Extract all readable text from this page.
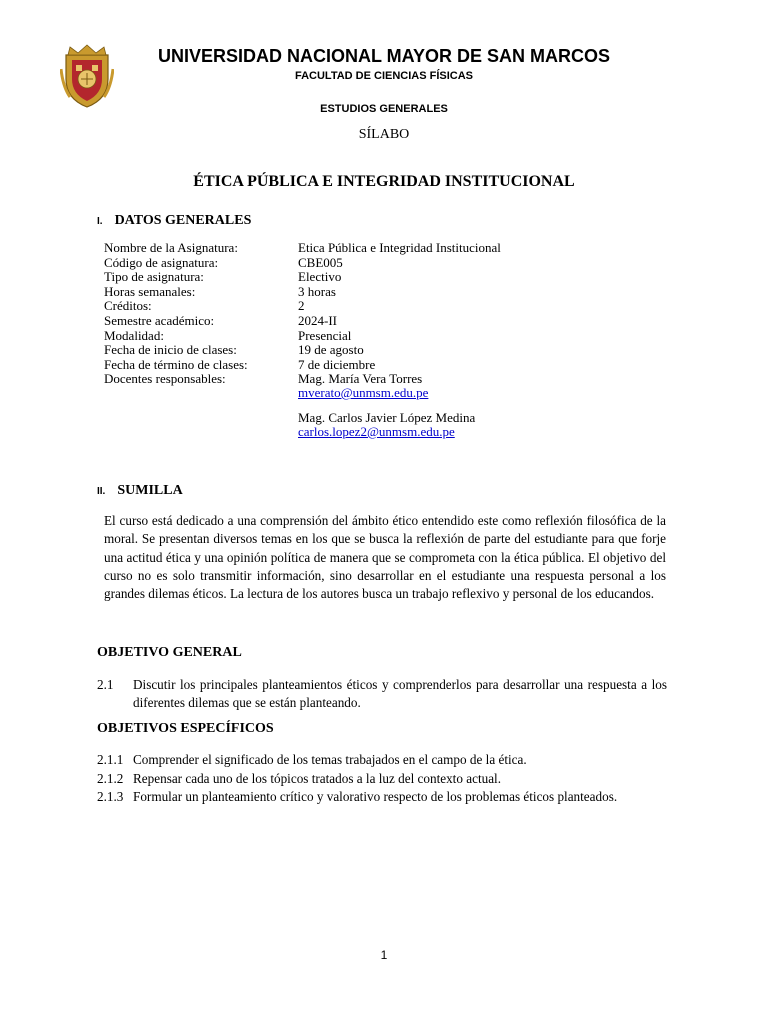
UNIVERSIDAD NACIONAL MAYOR DE SAN MARCOS
FACULTAD DE CIENCIAS FÍSICAS
ESTUDIOS GENERALES
SÍLABO
ÉTICA PÚBLICA E INTEGRIDAD INSTITUCIONAL
I. DATOS GENERALES
Nombre de la Asignatura:	Etica Pública e Integridad Institucional
Código de asignatura:	CBE005
Tipo de asignatura:	Electivo
Horas semanales:	3 horas
Créditos:	2
Semestre académico:	2024-II
Modalidad:	Presencial
Fecha de inicio de clases:	19 de agosto
Fecha de término de clases:	7 de diciembre
Docentes responsables:	Mag. María Vera Torres
mverato@unmsm.edu.pe
Mag. Carlos Javier López Medina
carlos.lopez2@unmsm.edu.pe
II. SUMILLA
El curso está dedicado a una comprensión del ámbito ético entendido este como reflexión filosófica de la moral. Se presentan diversos temas en los que se busca la reflexión de parte del estudiante para que forje una actitud ética y una opinión política de manera que se comprometa con la ética pública. El objetivo del curso no es solo transmitir información, sino desarrollar en el estudiante una respuesta personal a los grandes dilemas éticos. La lectura de los autores busca un trabajo reflexivo y personal de los educandos.
OBJETIVO GENERAL
2.1 Discutir los principales planteamientos éticos y comprenderlos para desarrollar una respuesta a los diferentes dilemas que se están planteando.
OBJETIVOS ESPECÍFICOS
2.1.1 Comprender el significado de los temas trabajados en el campo de la ética.
2.1.2 Repensar cada uno de los tópicos tratados a la luz del contexto actual.
2.1.3 Formular un planteamiento crítico y valorativo respecto de los problemas éticos planteados.
1
